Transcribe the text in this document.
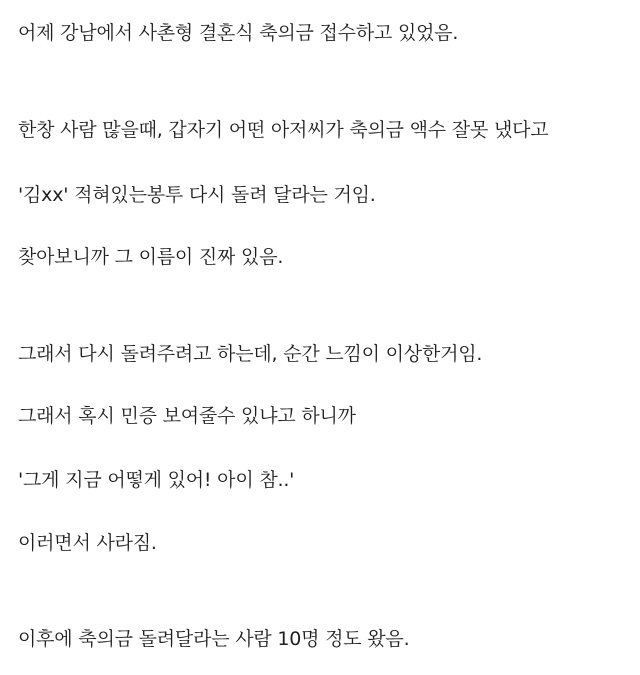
어제 강남에서 사촌형 결혼식 축의금 접수하고 있었음.

한창 사람 많을때, 갑자기 어떤 아저씨가 축의금 액수 잘못 냈다고

'김xx' 적혀있는봉투 다시 돌려 달라는 거임.

찾아보니까 그 이름이 진짜 있음.

그래서 다시 돌려주려고 하는데, 순간 느낌이 이상한거임.

그래서 혹시 민증 보여줄수 있냐고 하니까

'그게 지금 어떻게 있어! 아이 참..'

이러면서 사라짐.

이후에 축의금 돌려달라는 사람 10명 정도 왔음.
